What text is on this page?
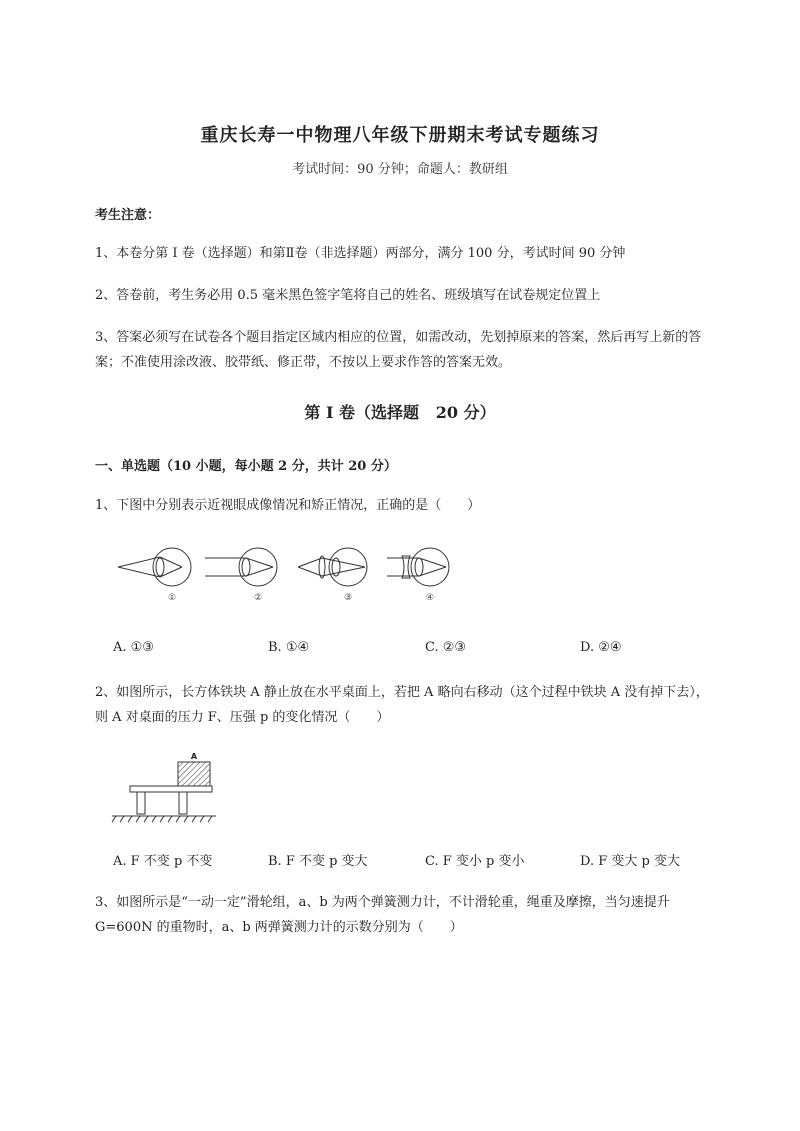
重庆长寿一中物理八年级下册期末考试专题练习
考试时间：90 分钟；命题人：教研组
考生注意：
1、本卷分第 I 卷（选择题）和第Ⅱ卷（非选择题）两部分，满分 100 分，考试时间 90 分钟
2、答卷前，考生务必用 0.5 毫米黑色签字笔将自己的姓名、班级填写在试卷规定位置上
3、答案必须写在试卷各个题目指定区域内相应的位置，如需改动，先划掉原来的答案，然后再写上新的答案；不准使用涂改液、胶带纸、修正带，不按以上要求作答的答案无效。
第 I 卷（选择题   20 分）
一、单选题（10 小题，每小题 2 分，共计 20 分）
1、下图中分别表示近视眼成像情况和矫正情况，正确的是（　　）
①	②	③	④
A. ①③	B. ①④	C. ②③	D. ②④
2、如图所示，长方体铁块 A 静止放在水平桌面上，若把 A 略向右移动（这个过程中铁块 A 没有掉下去），则 A 对桌面的压力 F、压强 p 的变化情况（　　）
A
A. F 不变 p 不变	B. F 不变 p 变大	C. F 变小 p 变小	D. F 变大 p 变大
3、如图所示是“一动一定”滑轮组，a、b 为两个弹簧测力计，不计滑轮重，绳重及摩擦，当匀速提升 G=600N 的重物时，a、b 两弹簧测力计的示数分别为（　　）
